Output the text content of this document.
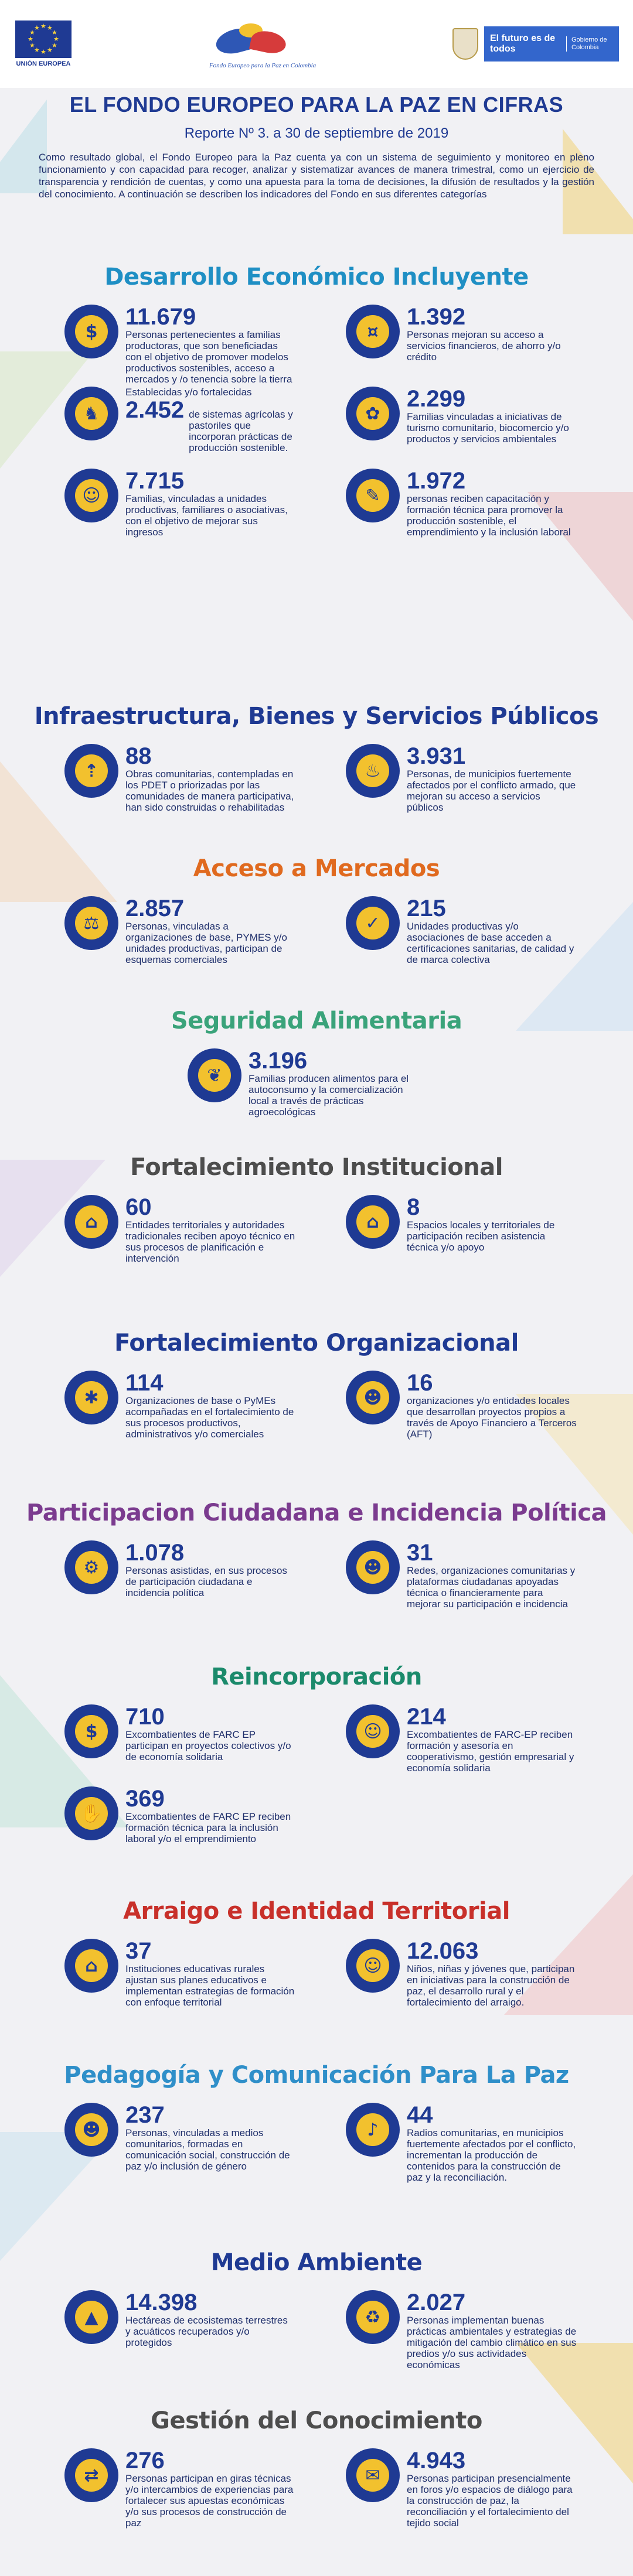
★
★
★
★
★
★
★
★
★ ★ ★
★
UNIÓN EUROPEA	Fondo Europeo para la Paz en Colombia
El futuro es de todos
Gobierno de Colombia
EL FONDO EUROPEO PARA LA PAZ EN CIFRAS
Reporte Nº 3. a 30 de septiembre de 2019

Como resultado global, el Fondo Europeo para la Paz cuenta ya con un sistema de seguimiento y monitoreo en pleno funcionamiento y con capacidad para recoger, analizar y sistematizar avances de manera trimestral, como un ejercicio de transparencia y rendición de cuentas, y como una apuesta para la toma de decisiones, la difusión de resultados y la gestión del conocimiento. A continuación se describen los indicadores del Fondo en sus diferentes categorías

Desarrollo Económico Incluyente
$
11.679
Personas pertenecientes a familias productoras, que son beneficiadas con el objetivo de promover modelos productivos sostenibles, acceso a mercados y /o tenencia sobre la tierra
¤
1.392
Personas mejoran su acceso a servicios financieros, de ahorro y/o crédito
♞
Establecidas y/o fortalecidas
2.452 de sistemas agrícolas y pastoriles que incorporan prácticas de producción sostenible.
✿
2.299
Familias vinculadas a iniciativas de turismo comunitario, biocomercio y/o productos y servicios ambientales
☺
7.715
Familias, vinculadas a unidades productivas, familiares o asociativas, con el objetivo de mejorar sus ingresos
✎
1.972
personas reciben capacitación y formación técnica para promover la producción sostenible, el emprendimiento y la inclusión laboral
Infraestructura, Bienes y Servicios Públicos
⇡
88
Obras comunitarias, contempladas en los PDET o priorizadas por las comunidades de manera participativa, han sido construidas o rehabilitadas
♨
3.931
Personas, de municipios fuertemente afectados por el conflicto armado, que mejoran su acceso a servicios públicos
Acceso a Mercados
⚖
2.857
Personas, vinculadas a organizaciones de base, PYMES y/o unidades productivas, participan de esquemas comerciales
✓
215
Unidades productivas y/o asociaciones de base acceden a certificaciones sanitarias, de calidad y de marca colectiva
Seguridad Alimentaria
❦
3.196
Familias producen alimentos para el autoconsumo y la comercialización local a través de prácticas agroecológicas
Fortalecimiento Institucional
⌂
60
Entidades territoriales y autoridades tradicionales reciben apoyo técnico en sus procesos de planificación e intervención
⌂
8
Espacios locales y territoriales de participación reciben asistencia técnica y/o apoyo
Fortalecimiento Organizacional
✱
114
Organizaciones de base o PyMEs acompañadas en el fortalecimiento de sus procesos productivos, administrativos y/o comerciales
☻
16
organizaciones y/o entidades locales que desarrollan proyectos propios a través de Apoyo Financiero a Terceros (AFT)
Participacion Ciudadana e Incidencia Política
⚙
1.078
Personas asistidas, en sus procesos de participación ciudadana e incidencia política
☻
31
Redes, organizaciones comunitarias y plataformas ciudadanas apoyadas técnica o financieramente para mejorar su participación e incidencia
Reincorporación
$
710
Excombatientes de FARC EP participan en proyectos colectivos y/o de economía solidaria
☺
214
Excombatientes de FARC-EP reciben formación y asesoría en cooperativismo, gestión empresarial y economía solidaria
✋
369
Excombatientes de FARC EP reciben formación técnica para la inclusión laboral y/o el emprendimiento
Arraigo e Identidad Territorial
⌂
37
Instituciones educativas rurales ajustan sus planes educativos e implementan estrategias de formación con enfoque territorial
☺
12.063
Niños, niñas y jóvenes que, participan en iniciativas para la construcción de paz, el desarrollo rural y el fortalecimiento del arraigo.
Pedagogía y Comunicación Para La Paz
☻
237
Personas, vinculadas a medios comunitarios, formadas en comunicación social, construcción de paz y/o inclusión de género
♪
44
Radios comunitarias, en municipios fuertemente afectados por el conflicto, incrementan la producción de contenidos para la construcción de paz y la reconciliación.
Medio Ambiente
▲
14.398
Hectáreas de ecosistemas terrestres y acuáticos recuperados y/o protegidos
♻
2.027
Personas implementan buenas prácticas ambientales y estrategias de mitigación del cambio climático en sus predios y/o sus actividades económicas
Gestión del Conocimiento
⇄
276
Personas participan en giras técnicas y/o intercambios de experiencias para fortalecer sus apuestas económicas y/o sus procesos de construcción de paz
✉
4.943
Personas participan presencialmente en foros y/o espacios de diálogo para la construcción de paz, la reconciliación y el fortalecimiento del tejido social
